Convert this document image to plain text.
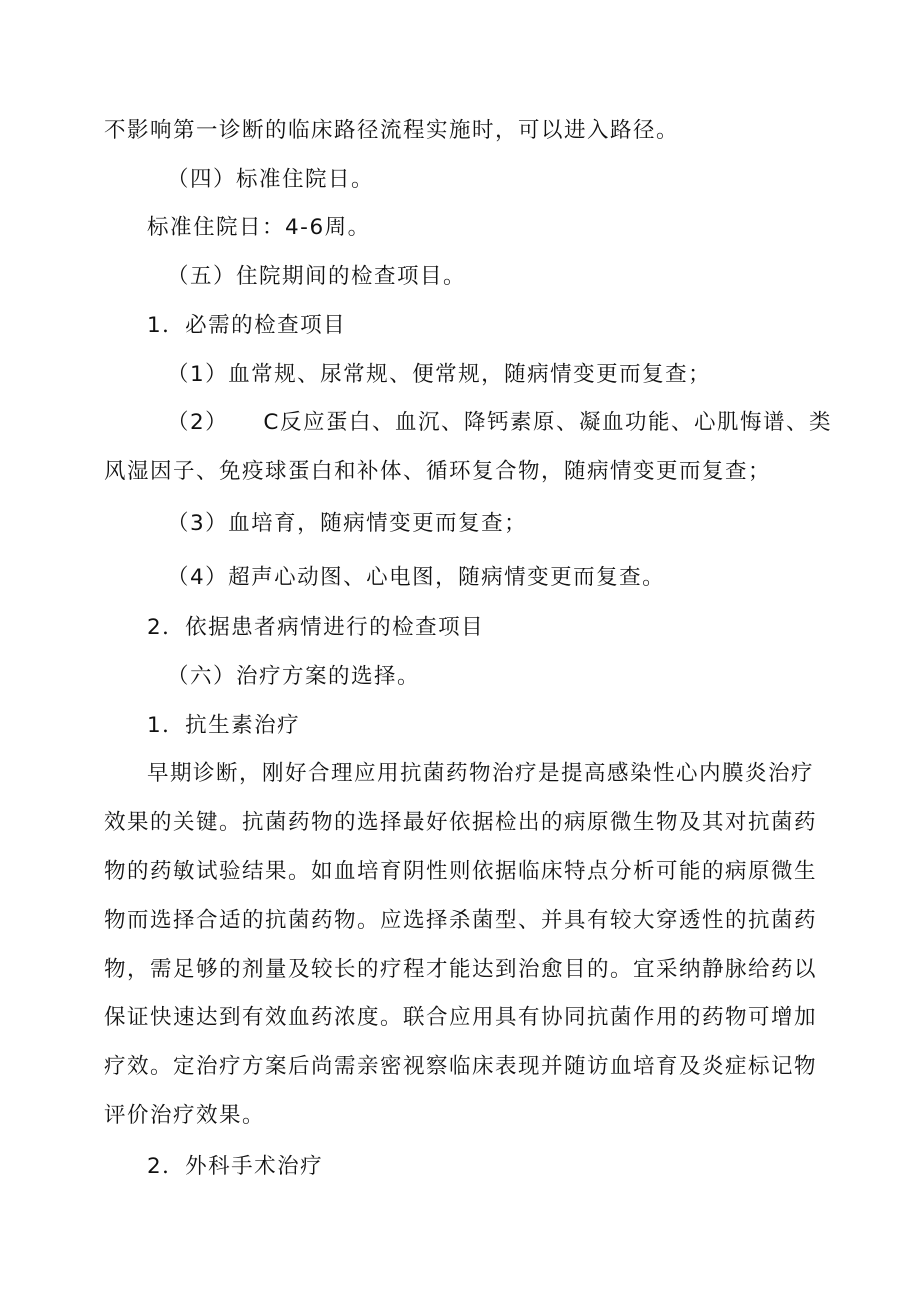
不影响第一诊断的临床路径流程实施时，可以进入路径。
（四）标准住院日。
标准住院日：4-6周。
（五）住院期间的检查项目。
1．必需的检查项目
（1）血常规、尿常规、便常规，随病情变更而复查；
（2）　　C反应蛋白、血沉、降钙素原、凝血功能、心肌悔谱、类
风湿因子、免疫球蛋白和补体、循环复合物，随病情变更而复查；
（3）血培育，随病情变更而复查；
（4）超声心动图、心电图，随病情变更而复查。
2．依据患者病情进行的检查项目
（六）治疗方案的选择。
1．抗生素治疗
早期诊断，刚好合理应用抗菌药物治疗是提高感染性心内膜炎治疗
效果的关键。抗菌药物的选择最好依据检出的病原微生物及其对抗菌药
物的药敏试验结果。如血培育阴性则依据临床特点分析可能的病原微生
物而选择合适的抗菌药物。应选择杀菌型、并具有较大穿透性的抗菌药
物，需足够的剂量及较长的疗程才能达到治愈目的。宜采纳静脉给药以
保证快速达到有效血药浓度。联合应用具有协同抗菌作用的药物可增加
疗效。定治疗方案后尚需亲密视察临床表现并随访血培育及炎症标记物
评价治疗效果。
2．外科手术治疗
